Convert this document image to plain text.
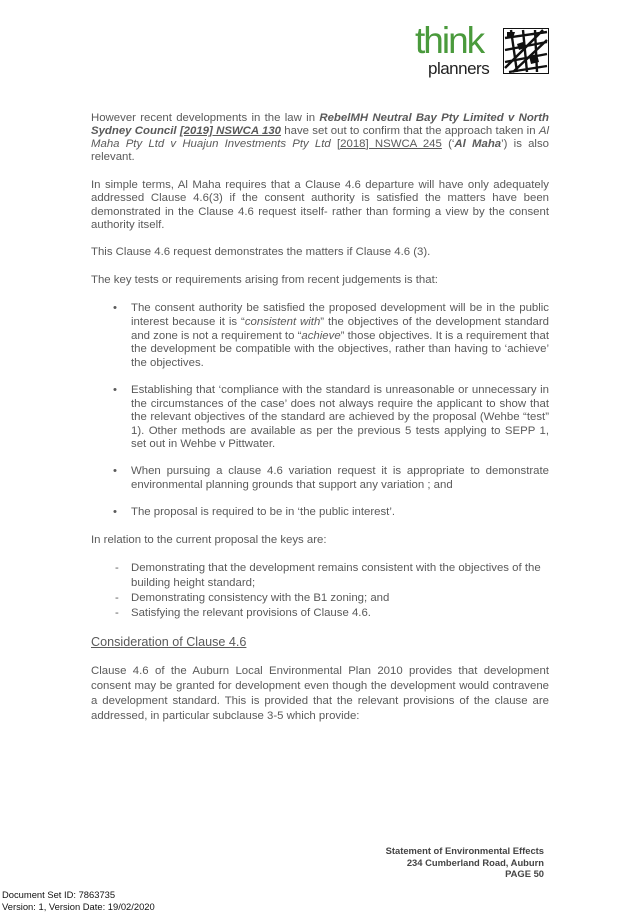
think
planners

However recent developments in the law in RebelMH Neutral Bay Pty Limited v North Sydney Council [2019] NSWCA 130 have set out to confirm that the approach taken in Al Maha Pty Ltd v Huajun Investments Pty Ltd [2018] NSWCA 245 (‘Al Maha’) is also relevant.

In simple terms, Al Maha requires that a Clause 4.6 departure will have only adequately addressed Clause 4.6(3) if the consent authority is satisfied the matters have been demonstrated in the Clause 4.6 request itself- rather than forming a view by the consent authority itself.

This Clause 4.6 request demonstrates the matters if Clause 4.6 (3).

The key tests or requirements arising from recent judgements is that:

• The consent authority be satisfied the proposed development will be in the public interest because it is “consistent with” the objectives of the development standard and zone is not a requirement to “achieve” those objectives. It is a requirement that the development be compatible with the objectives, rather than having to ‘achieve’ the objectives.
• Establishing that ‘compliance with the standard is unreasonable or unnecessary in the circumstances of the case’ does not always require the applicant to show that the relevant objectives of the standard are achieved by the proposal (Wehbe “test” 1). Other methods are available as per the previous 5 tests applying to SEPP 1, set out in Wehbe v Pittwater.
• When pursuing a clause 4.6 variation request it is appropriate to demonstrate environmental planning grounds that support any variation ; and
• The proposal is required to be in ‘the public interest’.

In relation to the current proposal the keys are:

- Demonstrating that the development remains consistent with the objectives of the building height standard;
- Demonstrating consistency with the B1 zoning; and
- Satisfying the relevant provisions of Clause 4.6.
Consideration of Clause 4.6

Clause 4.6 of the Auburn Local Environmental Plan 2010 provides that development consent may be granted for development even though the development would contravene a development standard. This is provided that the relevant provisions of the clause are addressed, in particular subclause 3-5 which provide:

Statement of Environmental Effects
234 Cumberland Road, Auburn
PAGE 50
Document Set ID: 7863735
Version: 1, Version Date: 19/02/2020
